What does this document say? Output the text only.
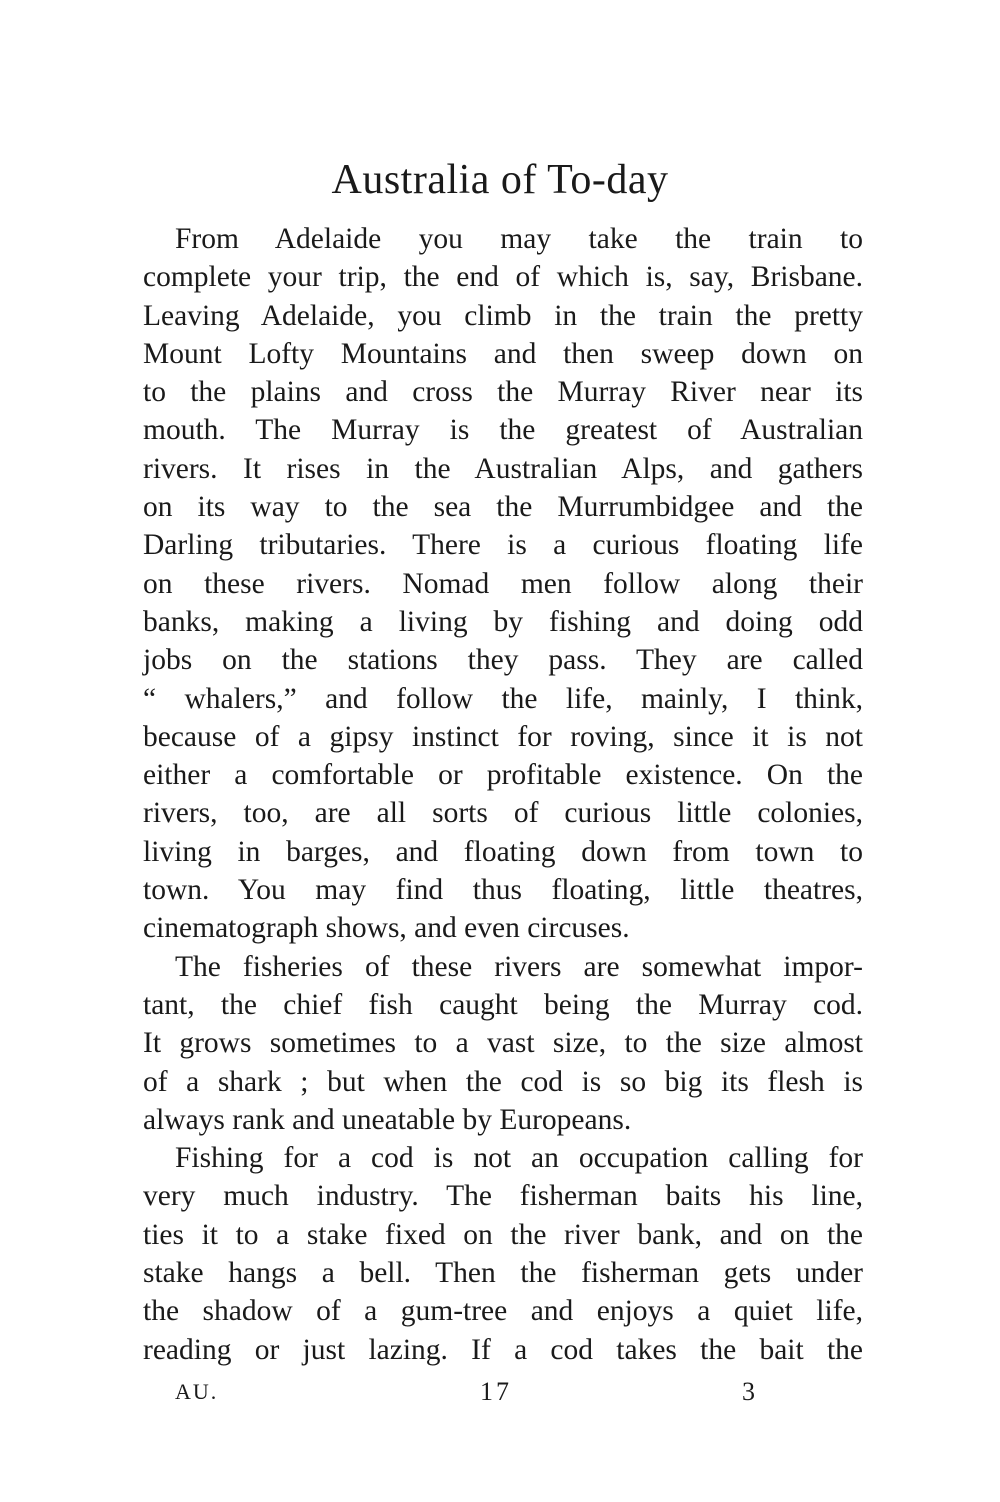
Australia of To-day
From Adelaide you may take the train to
complete your trip, the end of which is, say, Brisbane.
Leaving Adelaide, you climb in the train the pretty
Mount Lofty Mountains and then sweep down on
to the plains and cross the Murray River near its
mouth. The Murray is the greatest of Australian
rivers. It rises in the Australian Alps, and gathers
on its way to the sea the Murrumbidgee and the
Darling tributaries. There is a curious floating life
on these rivers. Nomad men follow along their
banks, making a living by fishing and doing odd
jobs on the stations they pass. They are called
“ whalers,” and follow the life, mainly, I think,
because of a gipsy instinct for roving, since it is not
either a comfortable or profitable existence. On the
rivers, too, are all sorts of curious little colonies,
living in barges, and floating down from town to
town. You may find thus floating, little theatres,
cinematograph shows, and even circuses.
The fisheries of these rivers are somewhat impor-
tant, the chief fish caught being the Murray cod.
It grows sometimes to a vast size, to the size almost
of a shark ; but when the cod is so big its flesh is
always rank and uneatable by Europeans.
Fishing for a cod is not an occupation calling for
very much industry. The fisherman baits his line,
ties it to a stake fixed on the river bank, and on the
stake hangs a bell. Then the fisherman gets under
the shadow of a gum-tree and enjoys a quiet life,
reading or just lazing. If a cod takes the bait the
AU.	17	3
